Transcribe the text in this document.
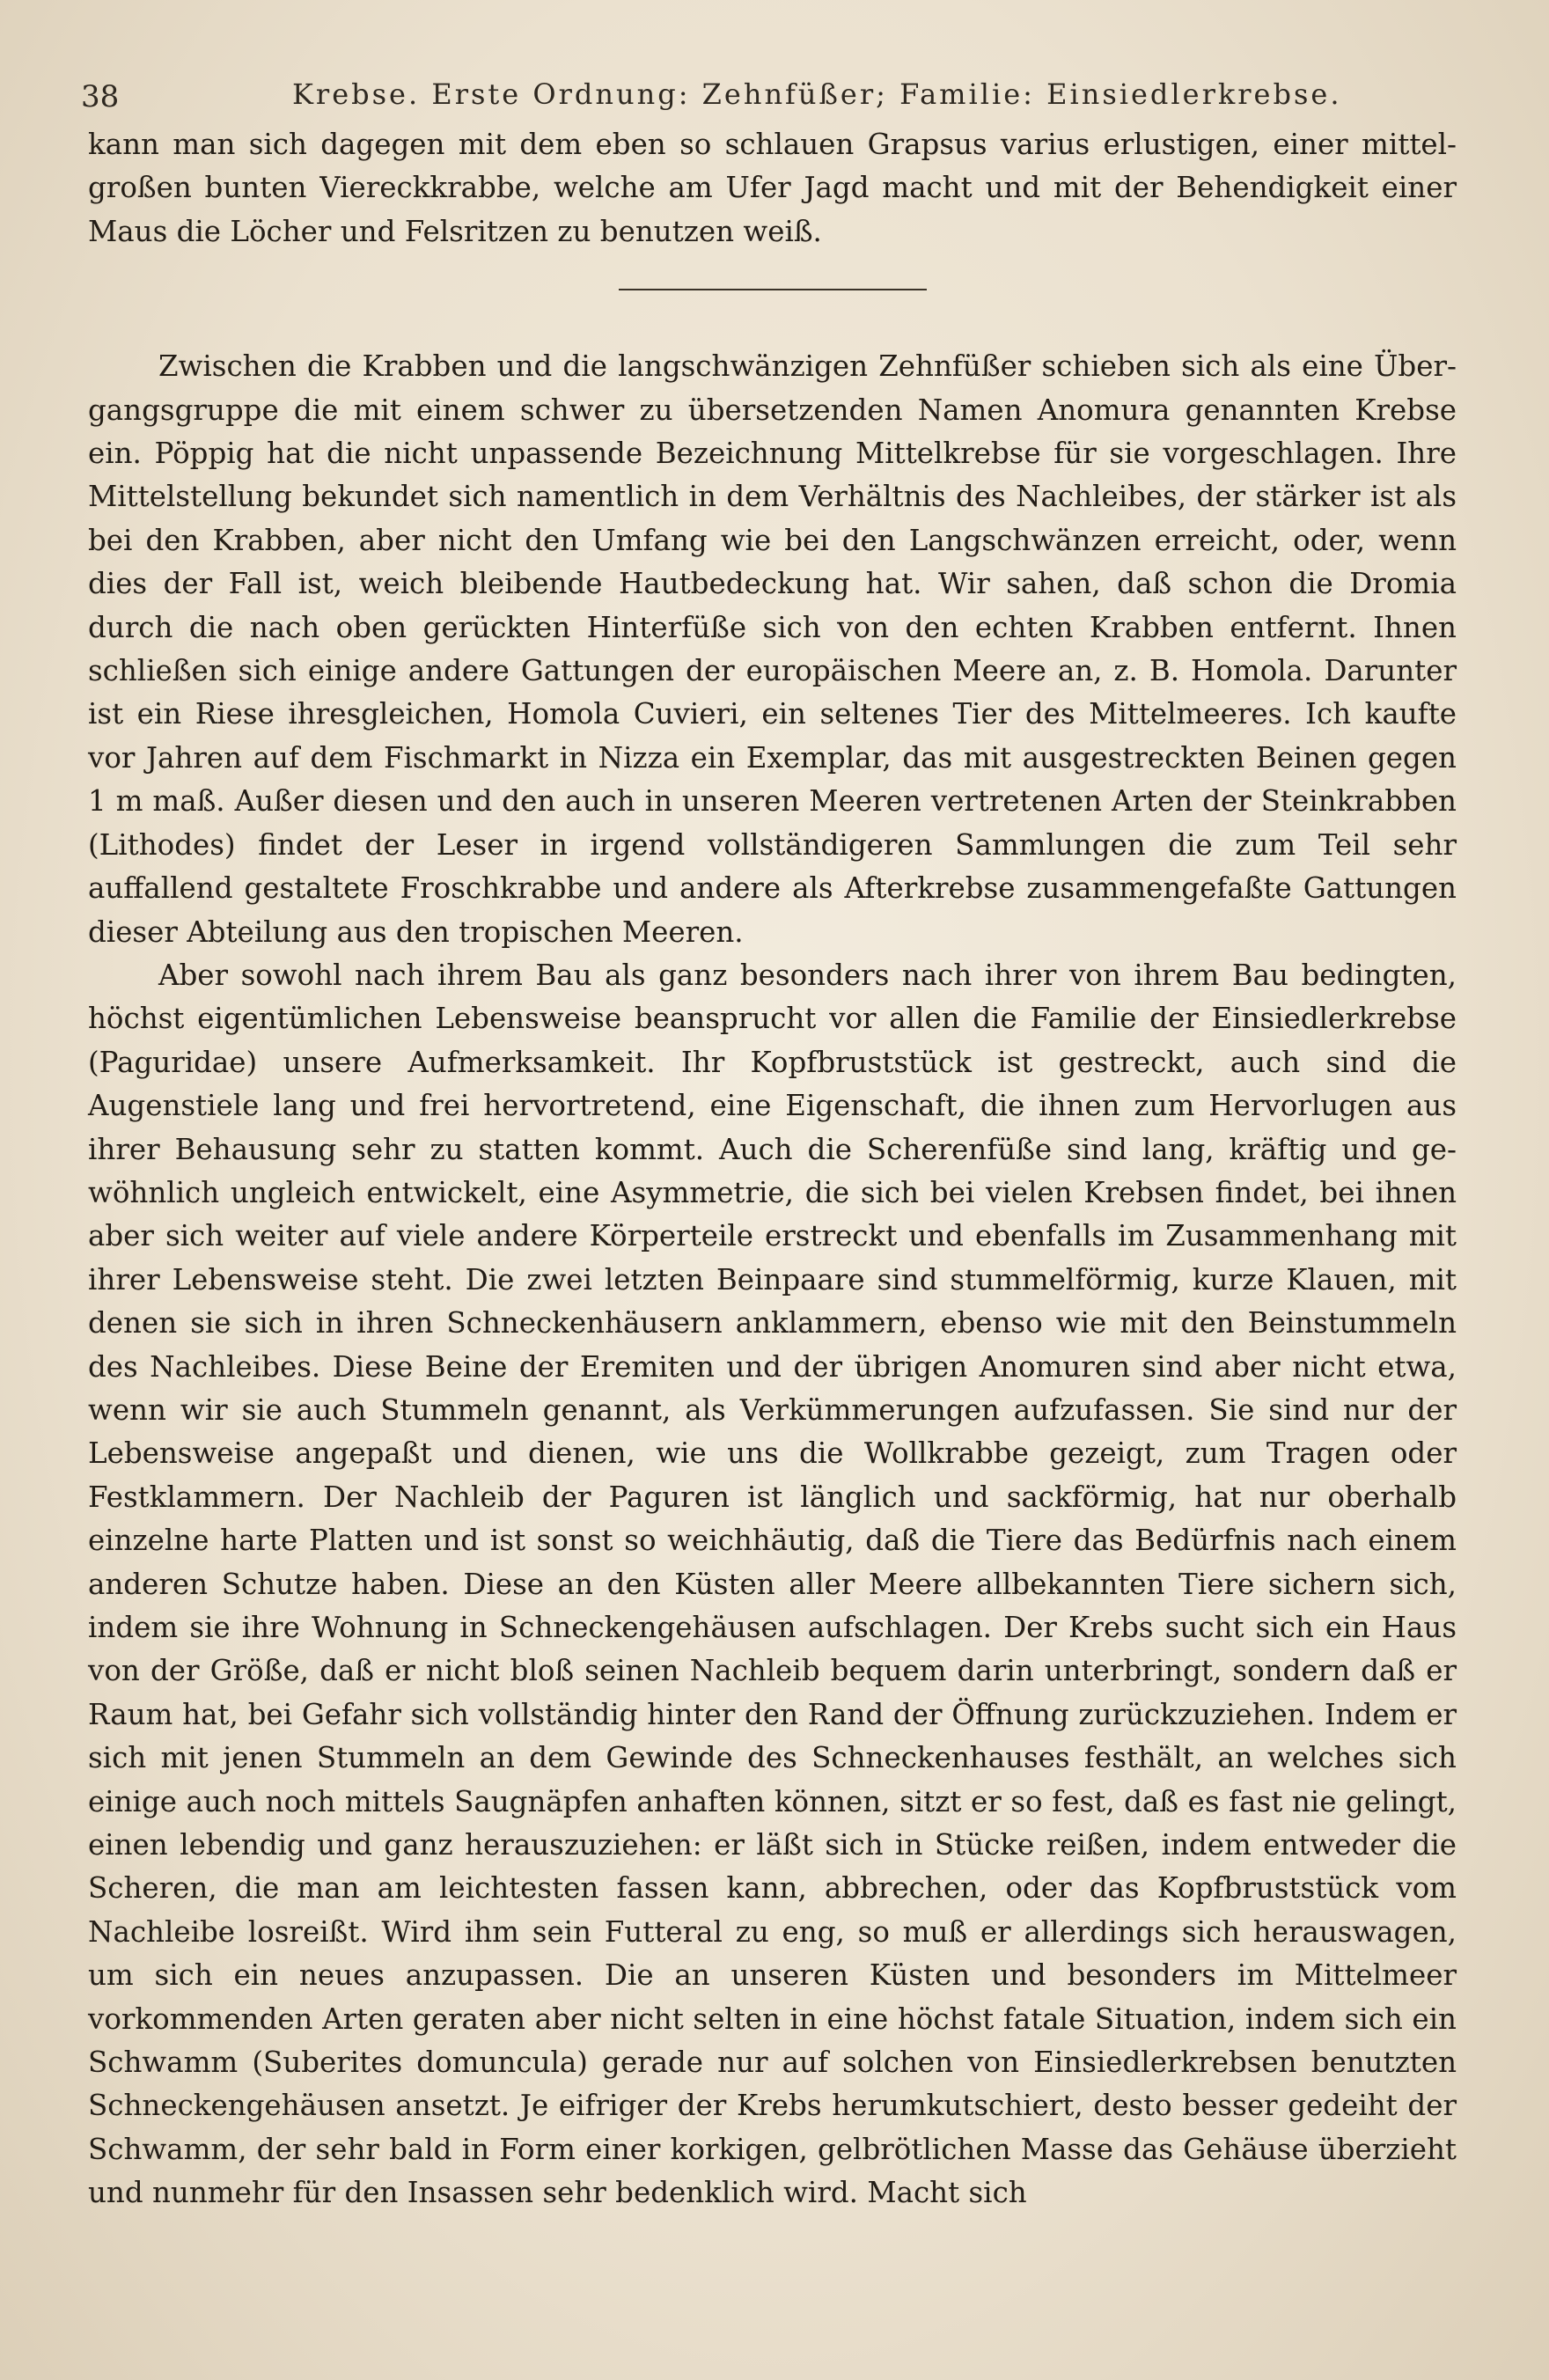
38	Krebse. Erste Ordnung: Zehnfüßer; Familie: Einsiedlerkrebse.

kann man sich dagegen mit dem eben so schlauen Grapsus varius erlustigen, einer mittelgroßen bunten Viereckkrabbe, welche am Ufer Jagd macht und mit der Behendigkeit einer Maus die Löcher und Felsritzen zu benutzen weiß.

Zwischen die Krabben und die langschwänzigen Zehnfüßer schieben sich als eine Übergangsgruppe die mit einem schwer zu übersetzenden Namen Anomura genannten Krebse ein. Pöppig hat die nicht unpassende Bezeichnung Mittelkrebse für sie vorgeschlagen. Ihre Mittelstellung bekundet sich namentlich in dem Verhältnis des Nachleibes, der stärker ist als bei den Krabben, aber nicht den Umfang wie bei den Langschwänzen erreicht, oder, wenn dies der Fall ist, weich bleibende Hautbedeckung hat. Wir sahen, daß schon die Dromia durch die nach oben gerückten Hinterfüße sich von den echten Krabben entfernt. Ihnen schließen sich einige andere Gattungen der europäischen Meere an, z. B. Homola. Darunter ist ein Riese ihresgleichen, Homola Cuvieri, ein seltenes Tier des Mittelmeeres. Ich kaufte vor Jahren auf dem Fischmarkt in Nizza ein Exemplar, das mit ausgestreckten Beinen gegen 1 m maß. Außer diesen und den auch in unseren Meeren vertretenen Arten der Steinkrabben (Lithodes) findet der Leser in irgend vollständigeren Sammlungen die zum Teil sehr auffallend gestaltete Froschkrabbe und andere als Afterkrebse zusammengefaßte Gattungen dieser Abteilung aus den tropischen Meeren.

Aber sowohl nach ihrem Bau als ganz besonders nach ihrer von ihrem Bau bedingten, höchst eigentümlichen Lebensweise beansprucht vor allen die Familie der Einsiedlerkrebse (Paguridae) unsere Aufmerksamkeit. Ihr Kopfbruststück ist gestreckt, auch sind die Augenstiele lang und frei hervortretend, eine Eigenschaft, die ihnen zum Hervorlugen aus ihrer Behausung sehr zu statten kommt. Auch die Scherenfüße sind lang, kräftig und gewöhnlich ungleich entwickelt, eine Asymmetrie, die sich bei vielen Krebsen findet, bei ihnen aber sich weiter auf viele andere Körperteile erstreckt und ebenfalls im Zusammenhang mit ihrer Lebensweise steht. Die zwei letzten Beinpaare sind stummelförmig, kurze Klauen, mit denen sie sich in ihren Schneckenhäusern anklammern, ebenso wie mit den Beinstummeln des Nachleibes. Diese Beine der Eremiten und der übrigen Anomuren sind aber nicht etwa, wenn wir sie auch Stummeln genannt, als Verkümmerungen aufzufassen. Sie sind nur der Lebensweise angepaßt und dienen, wie uns die Wollkrabbe gezeigt, zum Tragen oder Festklammern. Der Nachleib der Paguren ist länglich und sackförmig, hat nur oberhalb einzelne harte Platten und ist sonst so weichhäutig, daß die Tiere das Bedürfnis nach einem anderen Schutze haben. Diese an den Küsten aller Meere allbekannten Tiere sichern sich, indem sie ihre Wohnung in Schneckengehäusen aufschlagen. Der Krebs sucht sich ein Haus von der Größe, daß er nicht bloß seinen Nachleib bequem darin unterbringt, sondern daß er Raum hat, bei Gefahr sich vollständig hinter den Rand der Öffnung zurückzuziehen. Indem er sich mit jenen Stummeln an dem Gewinde des Schneckenhauses festhält, an welches sich einige auch noch mittels Saugnäpfen anhaften können, sitzt er so fest, daß es fast nie gelingt, einen lebendig und ganz herauszuziehen: er läßt sich in Stücke reißen, indem entweder die Scheren, die man am leichtesten fassen kann, abbrechen, oder das Kopfbruststück vom Nachleibe losreißt. Wird ihm sein Futteral zu eng, so muß er allerdings sich herauswagen, um sich ein neues anzupassen. Die an unseren Küsten und besonders im Mittelmeer vorkommenden Arten geraten aber nicht selten in eine höchst fatale Situation, indem sich ein Schwamm (Suberites domuncula) gerade nur auf solchen von Einsiedlerkrebsen benutzten Schneckengehäusen ansetzt. Je eifriger der Krebs herumkutschiert, desto besser gedeiht der Schwamm, der sehr bald in Form einer korkigen, gelbrötlichen Masse das Gehäuse überzieht und nunmehr für den Insassen sehr bedenklich wird. Macht sich
